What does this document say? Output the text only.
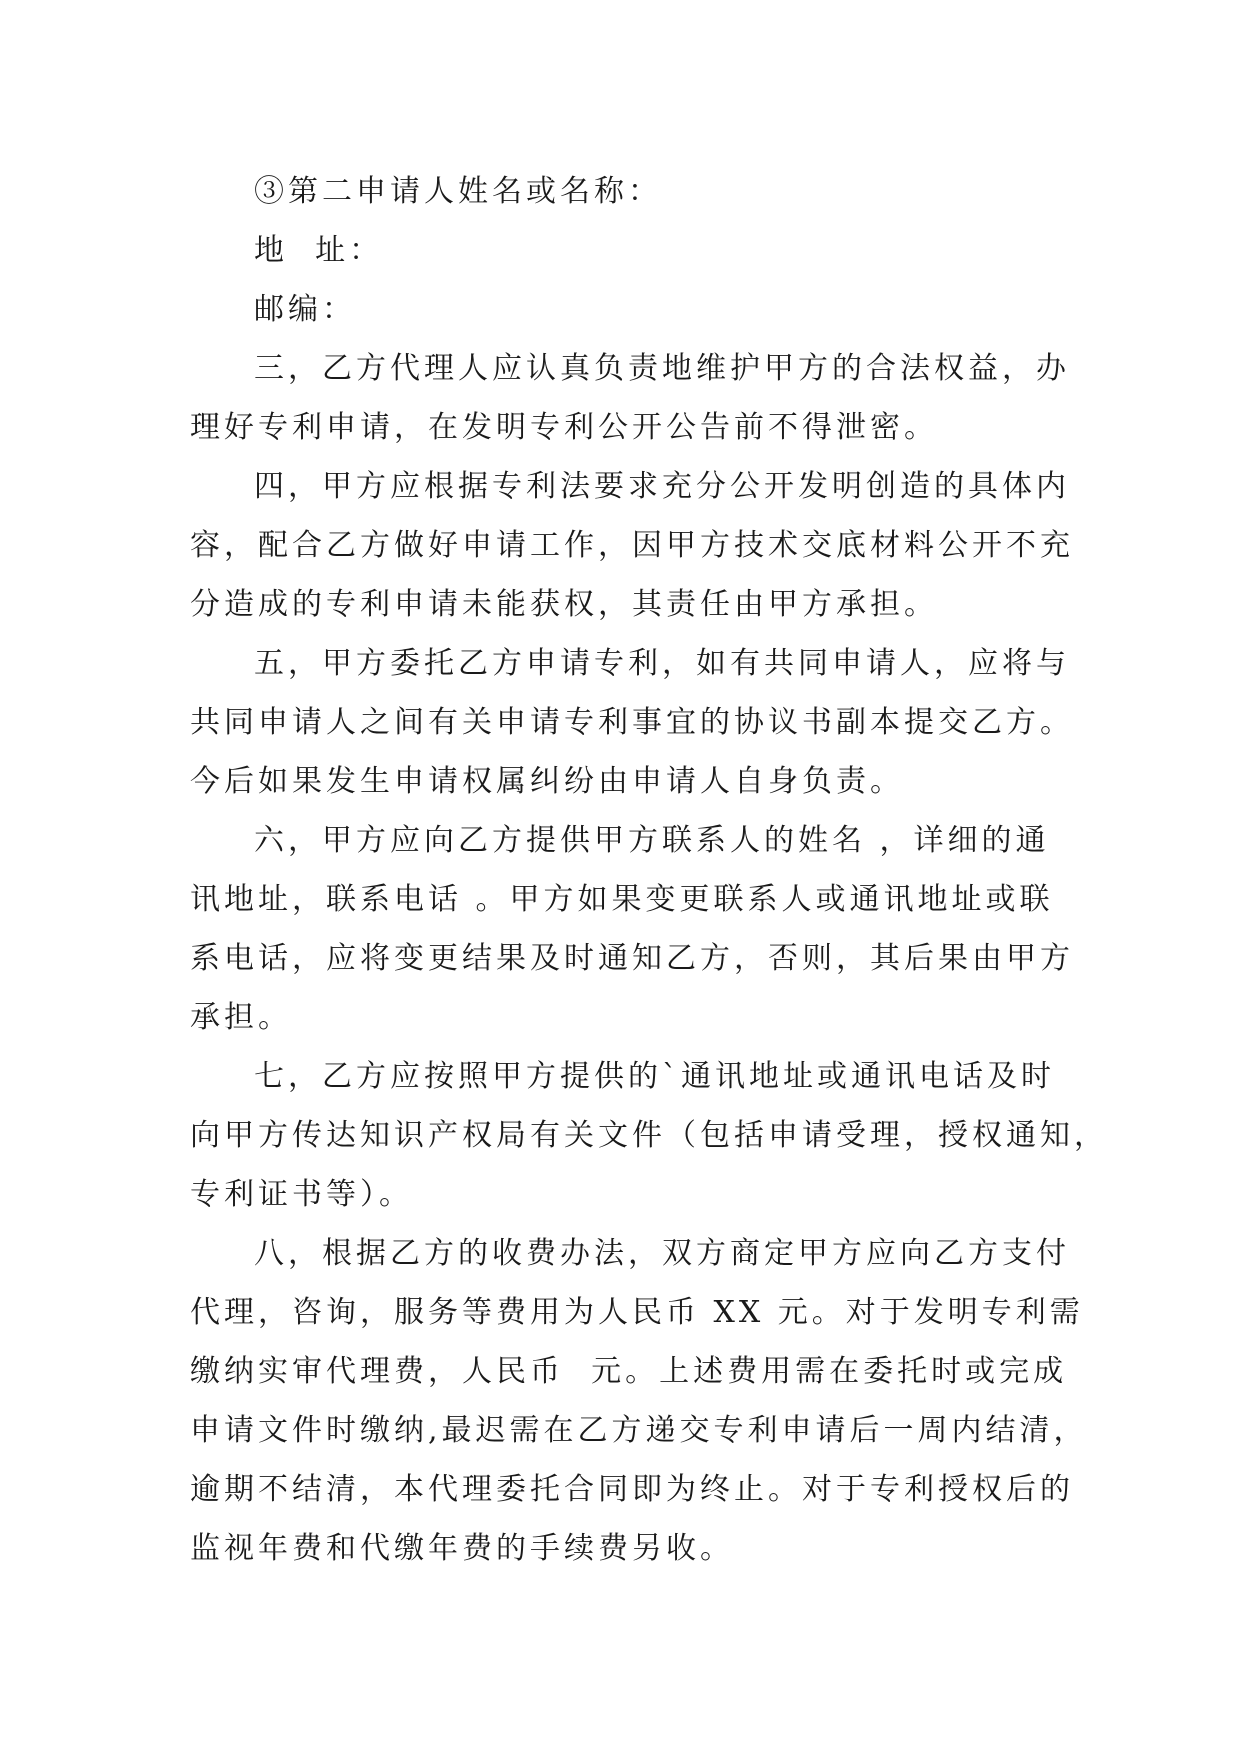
③第二申请人姓名或名称：

地  址：

邮编：

三，乙方代理人应认真负责地维护甲方的合法权益，办
理好专利申请，在发明专利公开公告前不得泄密。

四，甲方应根据专利法要求充分公开发明创造的具体内
容，配合乙方做好申请工作，因甲方技术交底材料公开不充
分造成的专利申请未能获权，其责任由甲方承担。

五，甲方委托乙方申请专利，如有共同申请人，应将与
共同申请人之间有关申请专利事宜的协议书副本提交乙方。
今后如果发生申请权属纠纷由申请人自身负责。

六，甲方应向乙方提供甲方联系人的姓名 ，详细的通
讯地址，联系电话 。甲方如果变更联系人或通讯地址或联
系电话，应将变更结果及时通知乙方，否则，其后果由甲方
承担。

七，乙方应按照甲方提供的`通讯地址或通讯电话及时
向甲方传达知识产权局有关文件（包括申请受理，授权通知，
专利证书等）。

八，根据乙方的收费办法，双方商定甲方应向乙方支付
代理，咨询，服务等费用为人民币 XX 元。对于发明专利需
缴纳实审代理费，人民币  元。上述费用需在委托时或完成
申请文件时缴纳,最迟需在乙方递交专利申请后一周内结清，
逾期不结清，本代理委托合同即为终止。对于专利授权后的
监视年费和代缴年费的手续费另收。
